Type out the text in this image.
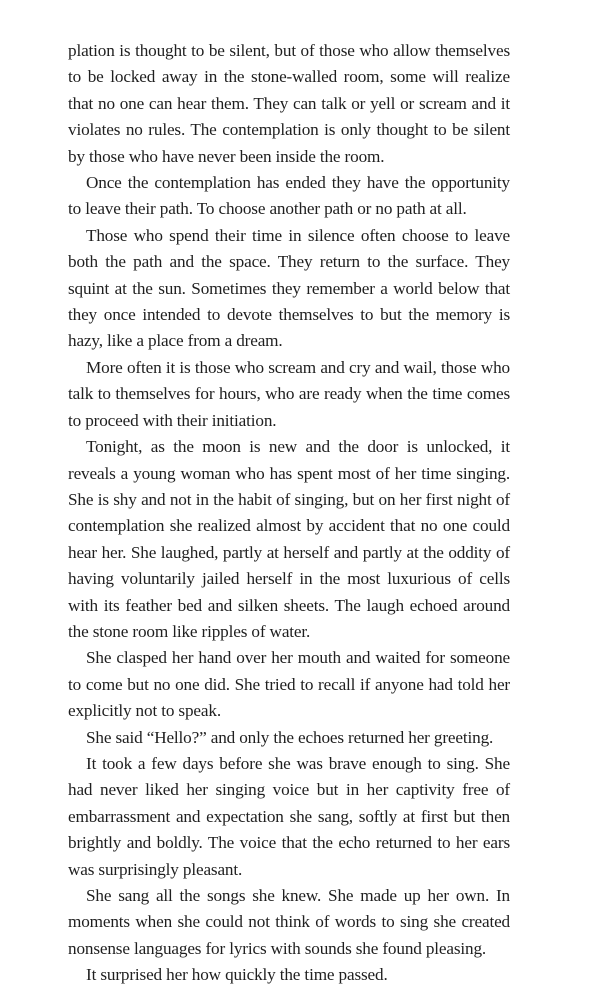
plation is thought to be silent, but of those who allow themselves to be locked away in the stone-walled room, some will realize that no one can hear them. They can talk or yell or scream and it violates no rules. The contemplation is only thought to be silent by those who have never been inside the room.

Once the contemplation has ended they have the opportunity to leave their path. To choose another path or no path at all.

Those who spend their time in silence often choose to leave both the path and the space. They return to the surface. They squint at the sun. Sometimes they remember a world below that they once intended to devote themselves to but the memory is hazy, like a place from a dream.

More often it is those who scream and cry and wail, those who talk to themselves for hours, who are ready when the time comes to proceed with their initiation.

Tonight, as the moon is new and the door is unlocked, it reveals a young woman who has spent most of her time singing. She is shy and not in the habit of singing, but on her first night of contemplation she realized almost by accident that no one could hear her. She laughed, partly at herself and partly at the oddity of having voluntarily jailed herself in the most luxurious of cells with its feather bed and silken sheets. The laugh echoed around the stone room like ripples of water.

She clasped her hand over her mouth and waited for someone to come but no one did. She tried to recall if anyone had told her explicitly not to speak.

She said “Hello?” and only the echoes returned her greeting.

It took a few days before she was brave enough to sing. She had never liked her singing voice but in her captivity free of embarrassment and expectation she sang, softly at first but then brightly and boldly. The voice that the echo returned to her ears was surprisingly pleasant.

She sang all the songs she knew. She made up her own. In moments when she could not think of words to sing she created nonsense languages for lyrics with sounds she found pleasing.

It surprised her how quickly the time passed.
